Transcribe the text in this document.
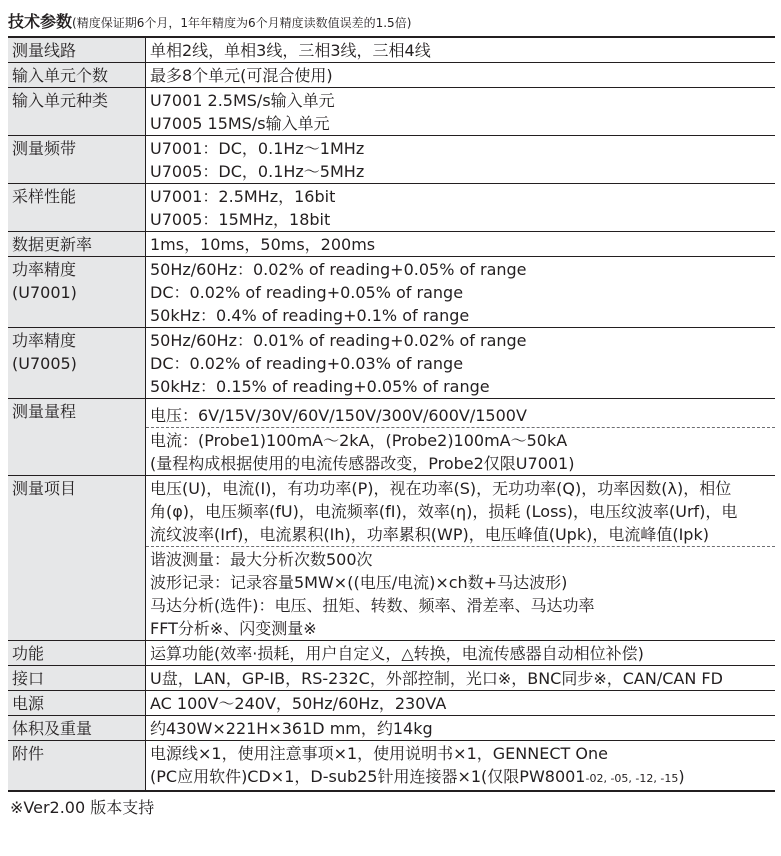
技术参数(精度保证期6个月，1年年精度为6个月精度读数值误差的1.5倍)
测量线路	单相2线，单相3线，三相3线，三相4线

输入单元个数	最多8个单元(可混合使用)

输入单元种类	U7001 2.5MS/s输入单元
U7005 15MS/s输入单元

测量频带	U7001：DC，0.1Hz～1MHz
U7005：DC，0.1Hz～5MHz

采样性能	U7001：2.5MHz，16bit
U7005：15MHz，18bit

数据更新率	1ms，10ms，50ms，200ms

功率精度
(U7001)	50Hz/60Hz：0.02% of reading+0.05% of range
DC：0.02% of reading+0.05% of range
50kHz：0.4% of reading+0.1% of range

功率精度
(U7005)	50Hz/60Hz：0.01% of reading+0.02% of range
DC：0.02% of reading+0.03% of range
50kHz：0.15% of reading+0.05% of range

测量量程	电压：6V/15V/30V/60V/150V/300V/600V/1500V

	电流：(Probe1)100mA～2kA，(Probe2)100mA～50kA
(量程构成根据使用的电流传感器改变，Probe2仅限U7001)

测量项目	电压(U)，电流(I)，有功功率(P)，视在功率(S)，无功功率(Q)，功率因数(λ)，相位
角(φ)，电压频率(fU)，电流频率(fI)，效率(η)，损耗 (Loss)，电压纹波率(Urf)，电
流纹波率(Irf)，电流累积(Ih)，功率累积(WP)，电压峰值(Upk)，电流峰值(Ipk)

	谐波测量：最大分析次数500次
波形记录：记录容量5MW×((电压/电流)×ch数+马达波形)
马达分析(选件)：电压、扭矩、转数、频率、滑差率、马达功率
FFT分析※、闪变测量※

功能	运算功能(效率·损耗，用户自定义，△转换，电流传感器自动相位补偿)

接口	U盘，LAN，GP-IB，RS-232C，外部控制，光口※，BNC同步※，CAN/CAN FD

电源	AC 100V～240V，50Hz/60Hz，230VA

体积及重量	约430W×221H×361D mm，约14kg

附件	电源线×1，使用注意事项×1，使用说明书×1，GENNECT One
(PC应用软件)CD×1，D-sub25针用连接器×1(仅限PW8001-02, -05, -12, -15)
※Ver2.00 版本支持
